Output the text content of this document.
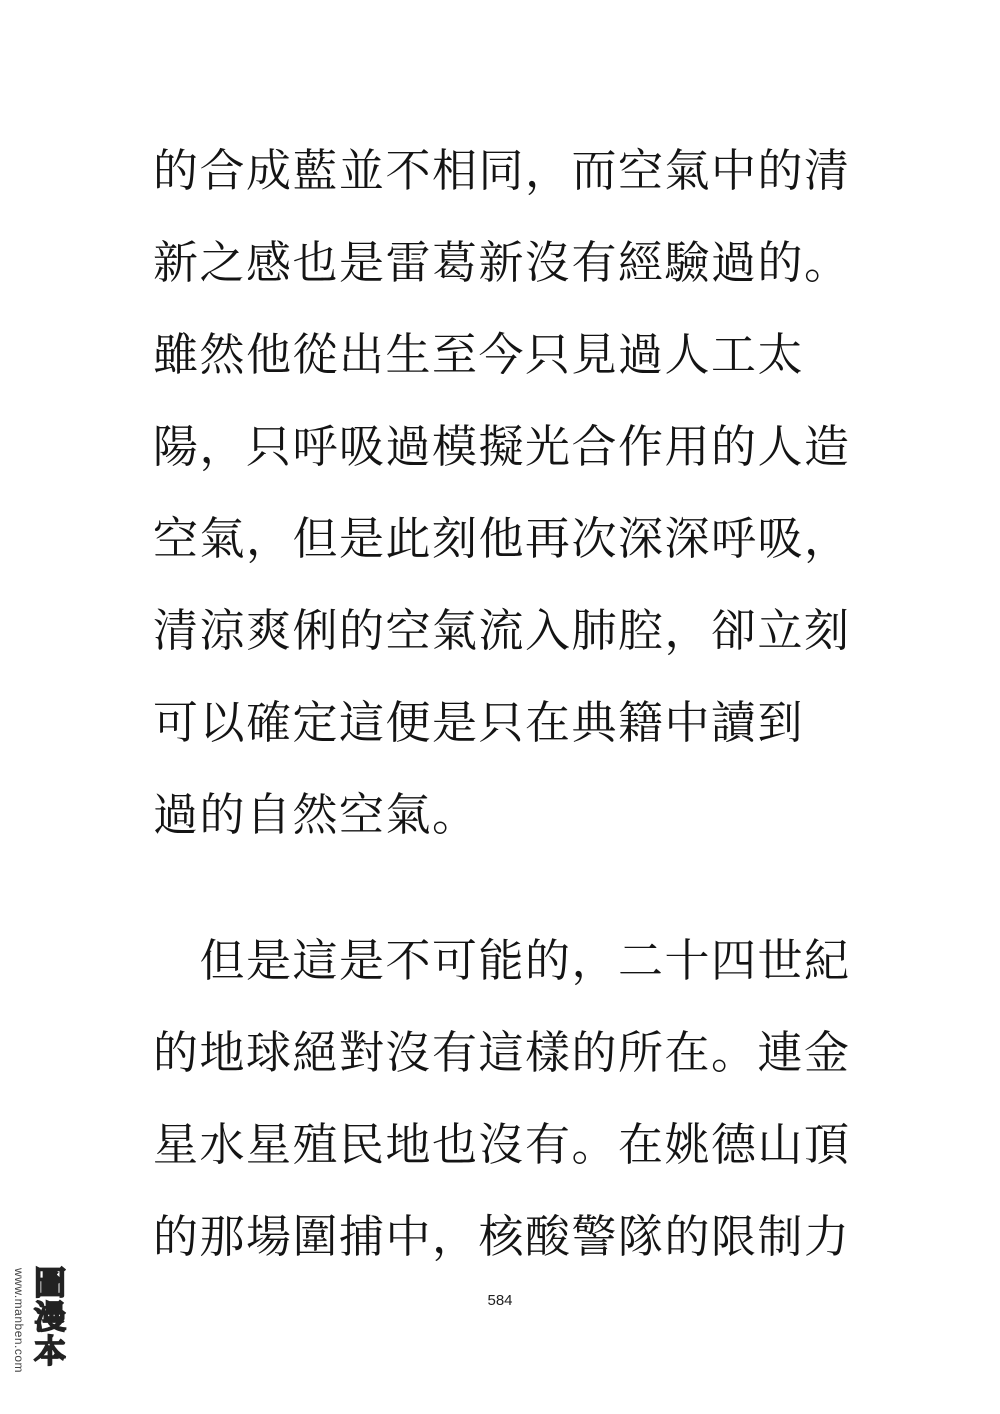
的合成藍並不相同，而空氣中的清
新之感也是雷葛新沒有經驗過的。
雖然他從出生至今只見過人工太
陽，只呼吸過模擬光合作用的人造
空氣，但是此刻他再次深深呼吸，
清涼爽俐的空氣流入肺腔，卻立刻
可以確定這便是只在典籍中讀到
過的自然空氣。
　但是這是不可能的，二十四世紀
的地球絕對沒有這樣的所在。連金
星水星殖民地也沒有。在姚德山頂
的那場圍捕中，核酸警隊的限制力
584
www.manben.com 圖漫本
